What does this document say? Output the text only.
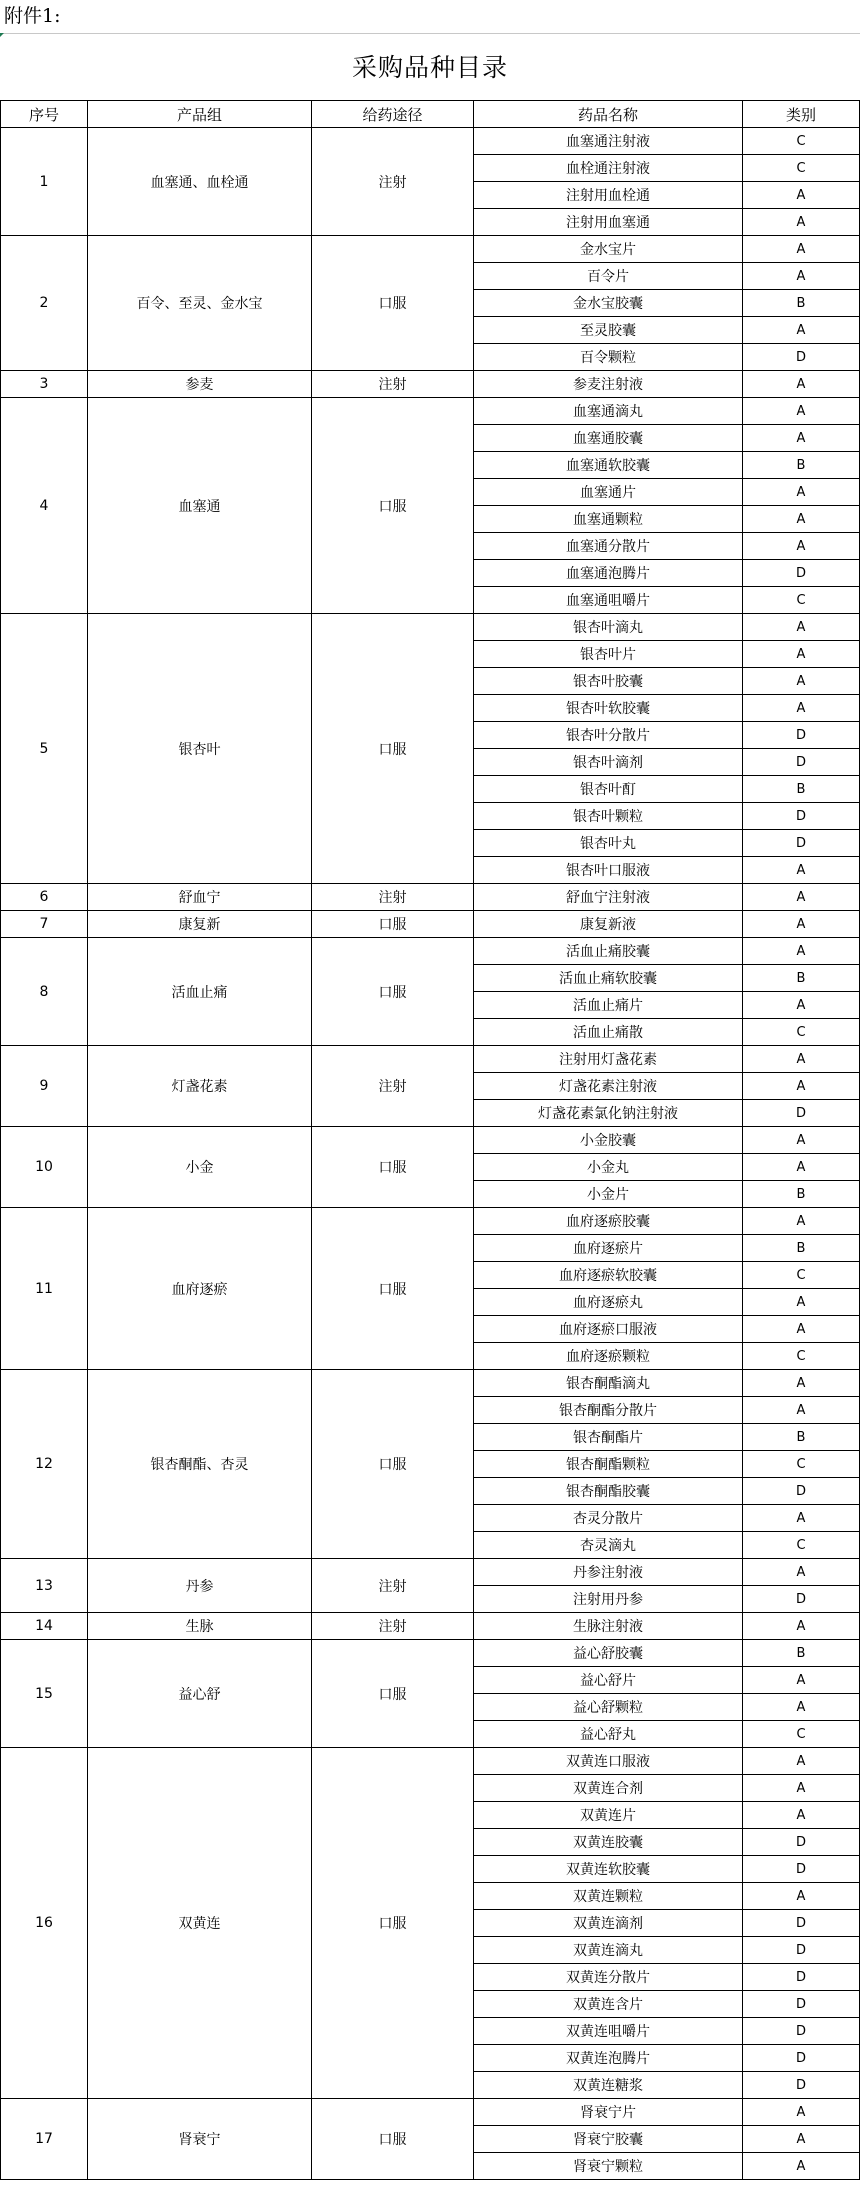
附件1:
采购品种目录
序号	产品组	给药途径	药品名称	类别
1	血塞通、血栓通	注射	血塞通注射液	C
			血栓通注射液	C
			注射用血栓通	A
			注射用血塞通	A
2	百令、至灵、金水宝	口服	金水宝片	A
			百令片	A
			金水宝胶囊	B
			至灵胶囊	A
			百令颗粒	D
3	参麦	注射	参麦注射液	A
4	血塞通	口服	血塞通滴丸	A
			血塞通胶囊	A
			血塞通软胶囊	B
			血塞通片	A
			血塞通颗粒	A
			血塞通分散片	A
			血塞通泡腾片	D
			血塞通咀嚼片	C
5	银杏叶	口服	银杏叶滴丸	A
			银杏叶片	A
			银杏叶胶囊	A
			银杏叶软胶囊	A
			银杏叶分散片	D
			银杏叶滴剂	D
			银杏叶酊	B
			银杏叶颗粒	D
			银杏叶丸	D
			银杏叶口服液	A
6	舒血宁	注射	舒血宁注射液	A
7	康复新	口服	康复新液	A
8	活血止痛	口服	活血止痛胶囊	A
			活血止痛软胶囊	B
			活血止痛片	A
			活血止痛散	C
9	灯盏花素	注射	注射用灯盏花素	A
			灯盏花素注射液	A
			灯盏花素氯化钠注射液	D
10	小金	口服	小金胶囊	A
			小金丸	A
			小金片	B
11	血府逐瘀	口服	血府逐瘀胶囊	A
			血府逐瘀片	B
			血府逐瘀软胶囊	C
			血府逐瘀丸	A
			血府逐瘀口服液	A
			血府逐瘀颗粒	C
12	银杏酮酯、杏灵	口服	银杏酮酯滴丸	A
			银杏酮酯分散片	A
			银杏酮酯片	B
			银杏酮酯颗粒	C
			银杏酮酯胶囊	D
			杏灵分散片	A
			杏灵滴丸	C
13	丹参	注射	丹参注射液	A
			注射用丹参	D
14	生脉	注射	生脉注射液	A
15	益心舒	口服	益心舒胶囊	B
			益心舒片	A
			益心舒颗粒	A
			益心舒丸	C
16	双黄连	口服	双黄连口服液	A
			双黄连合剂	A
			双黄连片	A
			双黄连胶囊	D
			双黄连软胶囊	D
			双黄连颗粒	A
			双黄连滴剂	D
			双黄连滴丸	D
			双黄连分散片	D
			双黄连含片	D
			双黄连咀嚼片	D
			双黄连泡腾片	D
			双黄连糖浆	D
17	肾衰宁	口服	肾衰宁片	A
			肾衰宁胶囊	A
			肾衰宁颗粒	A
